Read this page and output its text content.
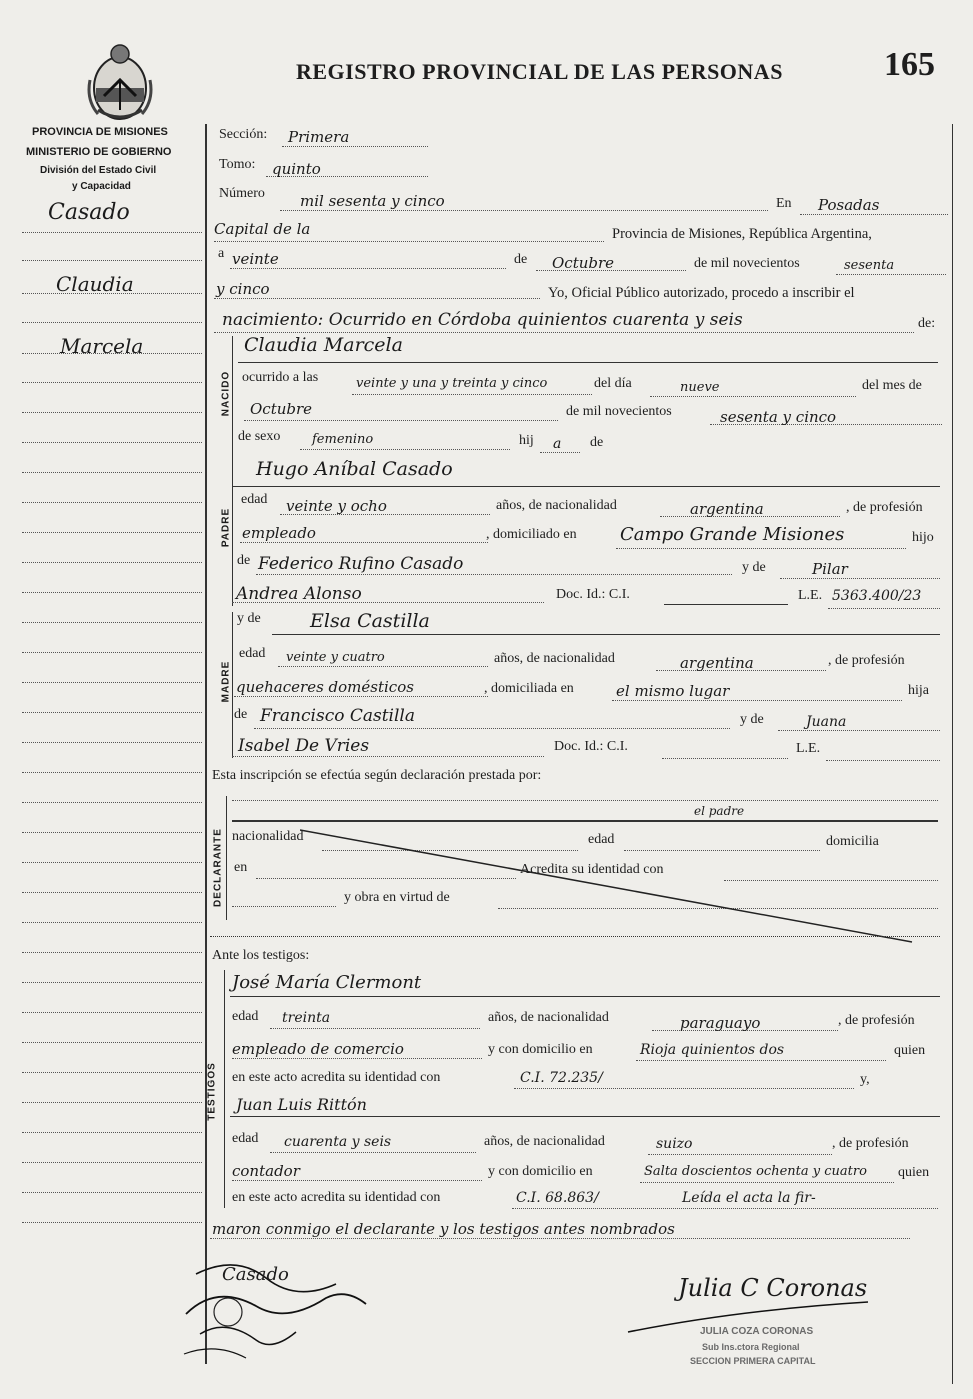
REGISTRO PROVINCIAL DE LAS PERSONAS	165
PROVINCIA DE MISIONES
MINISTERIO DE GOBIERNO
División del Estado Civil
y Capacidad
Casado
Claudia
Marcela
Sección: Primera
Tomo: quinto
Número mil sesenta y cinco	En Posadas
Capital de la	Provincia de Misiones, República Argentina,
a veinte	de Octubre	de mil novecientos	sesenta
y cinco	Yo, Oficial Público autorizado, procedo a inscribir el
nacimiento: Ocurrido en Córdoba quinientos cuarenta y seis	de:
NACIDO
Claudia Marcela
ocurrido a las	veinte y una y treinta y cinco	del día	nueve	del mes de
Octubre	de mil novecientos	sesenta y cinco
de sexo femenino	hij a de
PADRE
Hugo Aníbal Casado
edad veinte y ocho	años, de nacionalidad	argentina	, de profesión
empleado	, domiciliado en Campo Grande Misiones	hijo
de Federico Rufino Casado	y de	Pilar
Andrea Alonso	Doc. Id.: C.I.	L.E. 5363.400/23
MADRE
y de	Elsa Castilla
edad veinte y cuatro	años, de nacionalidad	argentina	, de profesión
quehaceres domésticos	, domiciliada en	el mismo lugar	hija
de Francisco Castilla	y de	Juana
Isabel De Vries	Doc. Id.: C.I.	L.E.
Esta inscripción se efectúa según declaración prestada por:
DECLARANTE
el padre
nacionalidad	edad	domicilia
en	Acredita su identidad con
y obra en virtud de
Ante los testigos:
TESTIGOS
José María Clermont
edad treinta	años, de nacionalidad	paraguayo	, de profesión
empleado de comercio	y con domicilio en	Rioja quinientos dos	quien
en este acto acredita su identidad con	C.I. 72.235/	y,
Juan Luis Rittón
edad cuarenta y seis	años, de nacionalidad	suizo	, de profesión
contador	y con domicilio en	Salta doscientos ochenta y cuatro quien
en este acto acredita su identidad con	C.I. 68.863/	Leída el acta la fir-
maron conmigo el declarante y los testigos antes nombrados
Casado	Julia C Coronas
JULIA COZA CORONAS
Sub Ins.ctora Regional
SECCION PRIMERA CAPITAL
